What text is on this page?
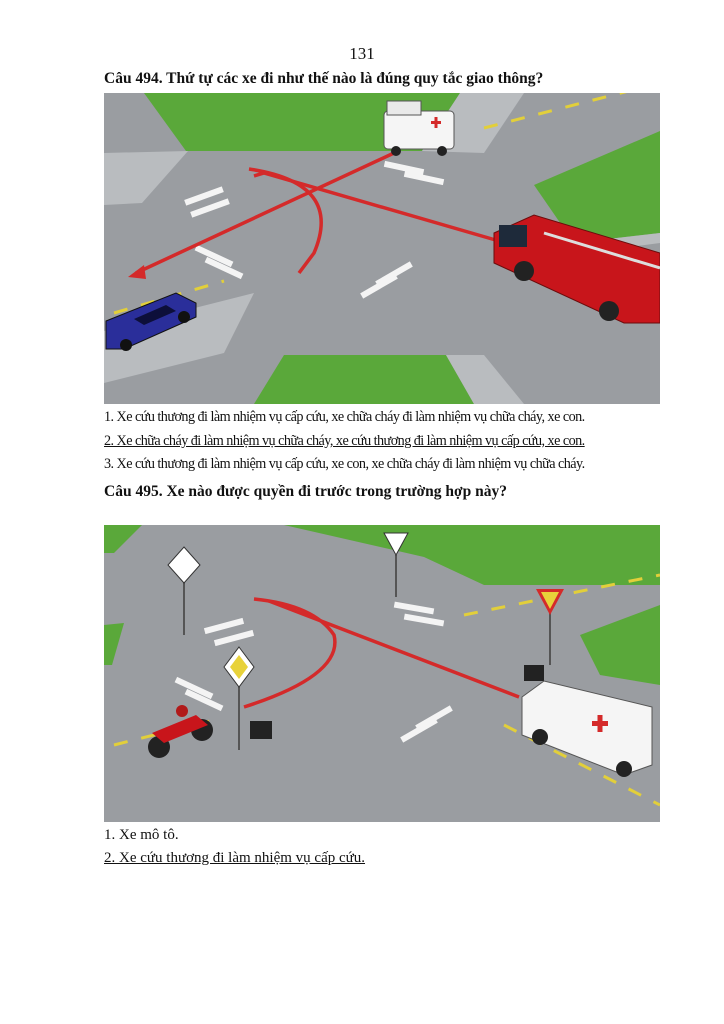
131
Câu 494. Thứ tự các xe đi như thế nào là đúng quy tắc giao thông?
1. Xe cứu thương đi làm nhiệm vụ cấp cứu, xe chữa cháy đi làm nhiệm vụ chữa cháy, xe con.
2. Xe chữa cháy đi làm nhiệm vụ chữa cháy, xe cứu thương đi làm nhiệm vụ cấp cứu, xe con.
3. Xe cứu thương đi làm nhiệm vụ cấp cứu, xe con, xe chữa cháy đi làm nhiệm vụ chữa cháy.
Câu 495. Xe nào được quyền đi trước trong trường hợp này?
1. Xe mô tô.
2. Xe cứu thương đi làm nhiệm vụ cấp cứu.
